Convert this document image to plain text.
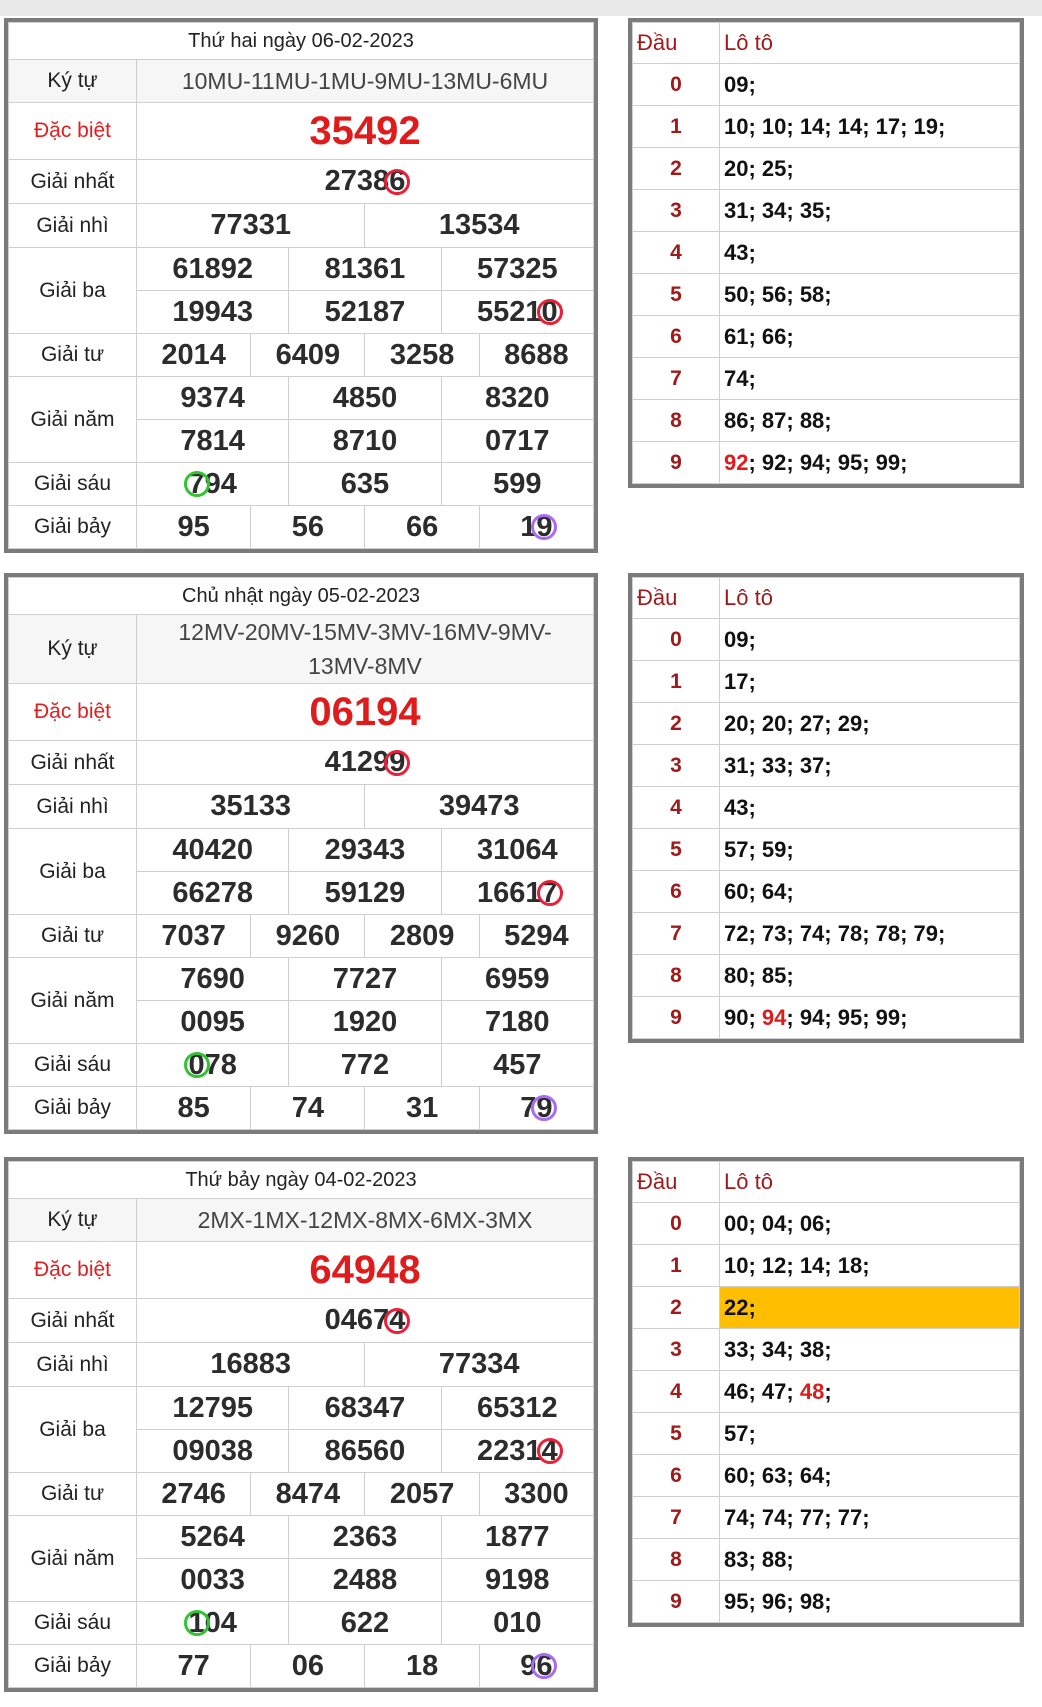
Thứ hai ngày 06-02-2023						
Ký tự	10MU-11MU-1MU-9MU-13MU-6MU					
Đặc biệt	35492					
Giải nhất	27386					
Giải nhì	77331			13534		
Giải ba	61892		81361		57325	
	19943		52187		55210	
Giải tư	2014	6409		3258		8688
Giải năm	9374		4850		8320	
	7814		8710		0717	
Giải sáu	794		635		599	
Giải bảy	95	56		66		19
Đầu	Lô tô
0	09;
1	10; 10; 14; 14; 17; 19;
2	20; 25;
3	31; 34; 35;
4	43;
5	50; 56; 58;
6	61; 66;
7	74;
8	86; 87; 88;
9	92; 92; 94; 95; 99;
Chủ nhật ngày 05-02-2023						
Ký tự	12MV-20MV-15MV-3MV-16MV-9MV-13MV-8MV					
Đặc biệt	06194					
Giải nhất	41299					
Giải nhì	35133			39473		
Giải ba	40420		29343		31064	
	66278		59129		16617	
Giải tư	7037	9260		2809		5294
Giải năm	7690		7727		6959	
	0095		1920		7180	
Giải sáu	078		772		457	
Giải bảy	85	74		31		79
Đầu	Lô tô
0	09;
1	17;
2	20; 20; 27; 29;
3	31; 33; 37;
4	43;
5	57; 59;
6	60; 64;
7	72; 73; 74; 78; 78; 79;
8	80; 85;
9	90; 94; 94; 95; 99;
Thứ bảy ngày 04-02-2023						
Ký tự	2MX-1MX-12MX-8MX-6MX-3MX					
Đặc biệt	64948					
Giải nhất	04674					
Giải nhì	16883			77334		
Giải ba	12795		68347		65312	
	09038		86560		22314	
Giải tư	2746	8474		2057		3300
Giải năm	5264		2363		1877	
	0033		2488		9198	
Giải sáu	104		622		010	
Giải bảy	77	06		18		96
Đầu	Lô tô
0	00; 04; 06;
1	10; 12; 14; 18;
2	22;
3	33; 34; 38;
4	46; 47; 48;
5	57;
6	60; 63; 64;
7	74; 74; 77; 77;
8	83; 88;
9	95; 96; 98;
